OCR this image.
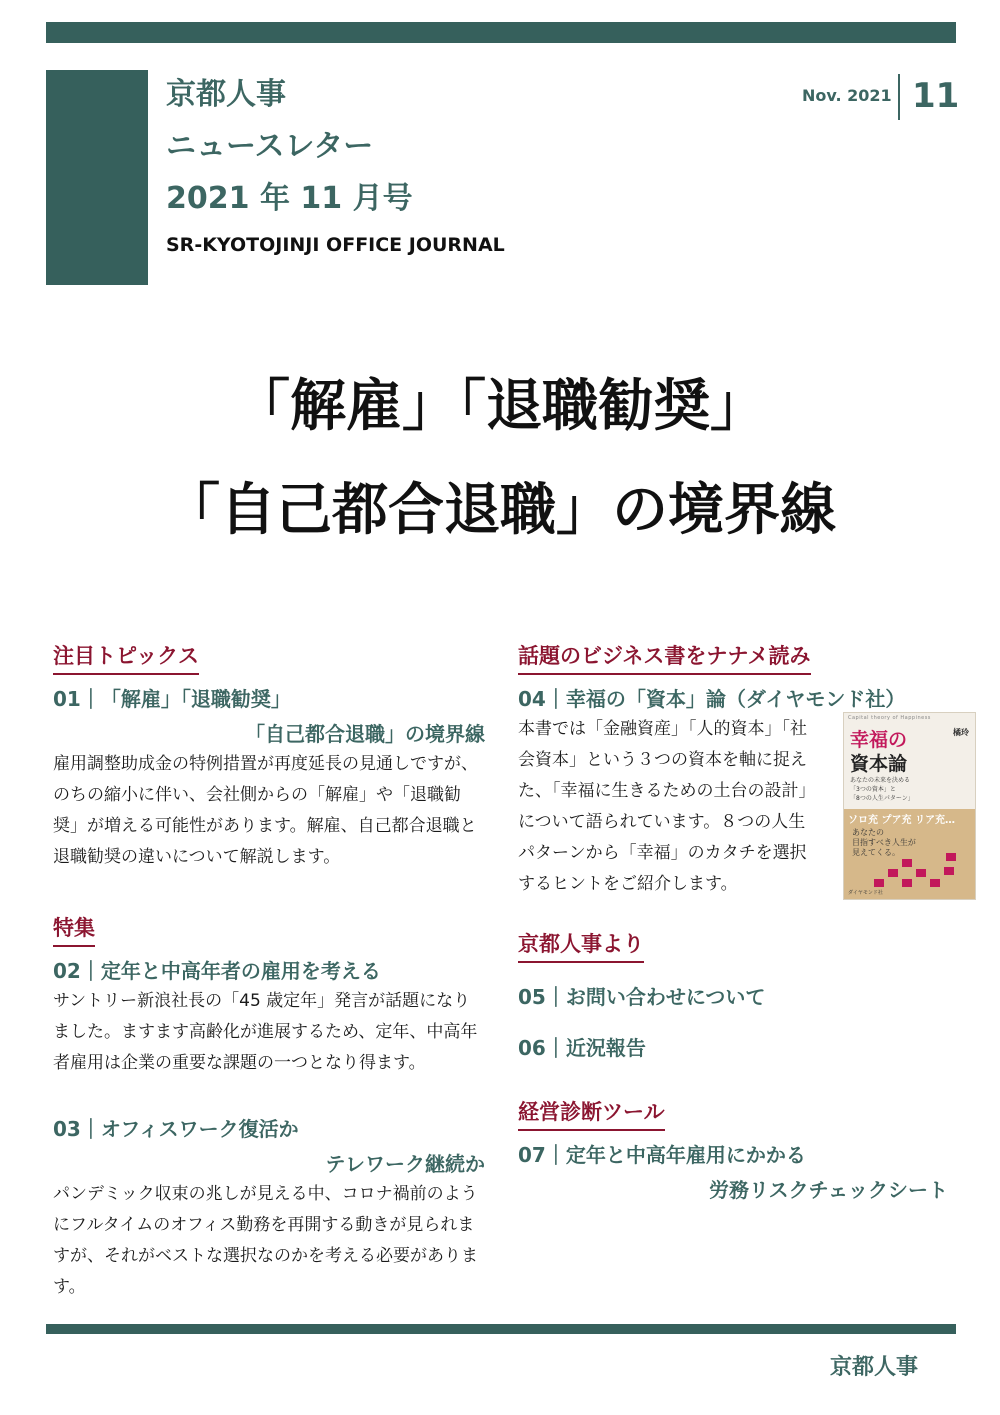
京都人事
ニュースレター
2021 年 11 月号
SR-KYOTOJINJI OFFICE JOURNAL
Nov. 2021 11
「解雇」「退職勧奨」
「自己都合退職」の境界線
注目トピックス
01｜「解雇」「退職勧奨」
「自己都合退職」の境界線
雇用調整助成金の特例措置が再度延長の見通しですが、のちの縮小に伴い、会社側からの「解雇」や「退職勧奨」が増える可能性があります。解雇、自己都合退職と退職勧奨の違いについて解説します。
特集
02｜定年と中高年者の雇用を考える
サントリー新浪社長の「45 歳定年」発言が話題になりました。ますます高齢化が進展するため、定年、中高年者雇用は企業の重要な課題の一つとなり得ます。
03｜オフィスワーク復活か
テレワーク継続か
パンデミック収束の兆しが見える中、コロナ禍前のようにフルタイムのオフィス勤務を再開する動きが見られますが、それがベストな選択なのかを考える必要があります。
話題のビジネス書をナナメ読み
04｜幸福の「資本」論（ダイヤモンド社）
本書では「金融資産」「人的資本」「社会資本」という３つの資本を軸に捉えた、「幸福に生きるための土台の設計」について語られています。８つの人生パターンから「幸福」のカタチを選択するヒントをご紹介します。
Capital theory of Happiness
橘玲
幸福の
資本論
あなたの未来を決める
「3つの資本」と
「8つの人生パターン」
ソロ充 プア充 リア充…
あなたの
目指すべき人生が
見えてくる。
ダイヤモンド社
京都人事より
05｜お問い合わせについて
06｜近況報告
経営診断ツール
07｜定年と中高年雇用にかかる
労務リスクチェックシート
京都人事
